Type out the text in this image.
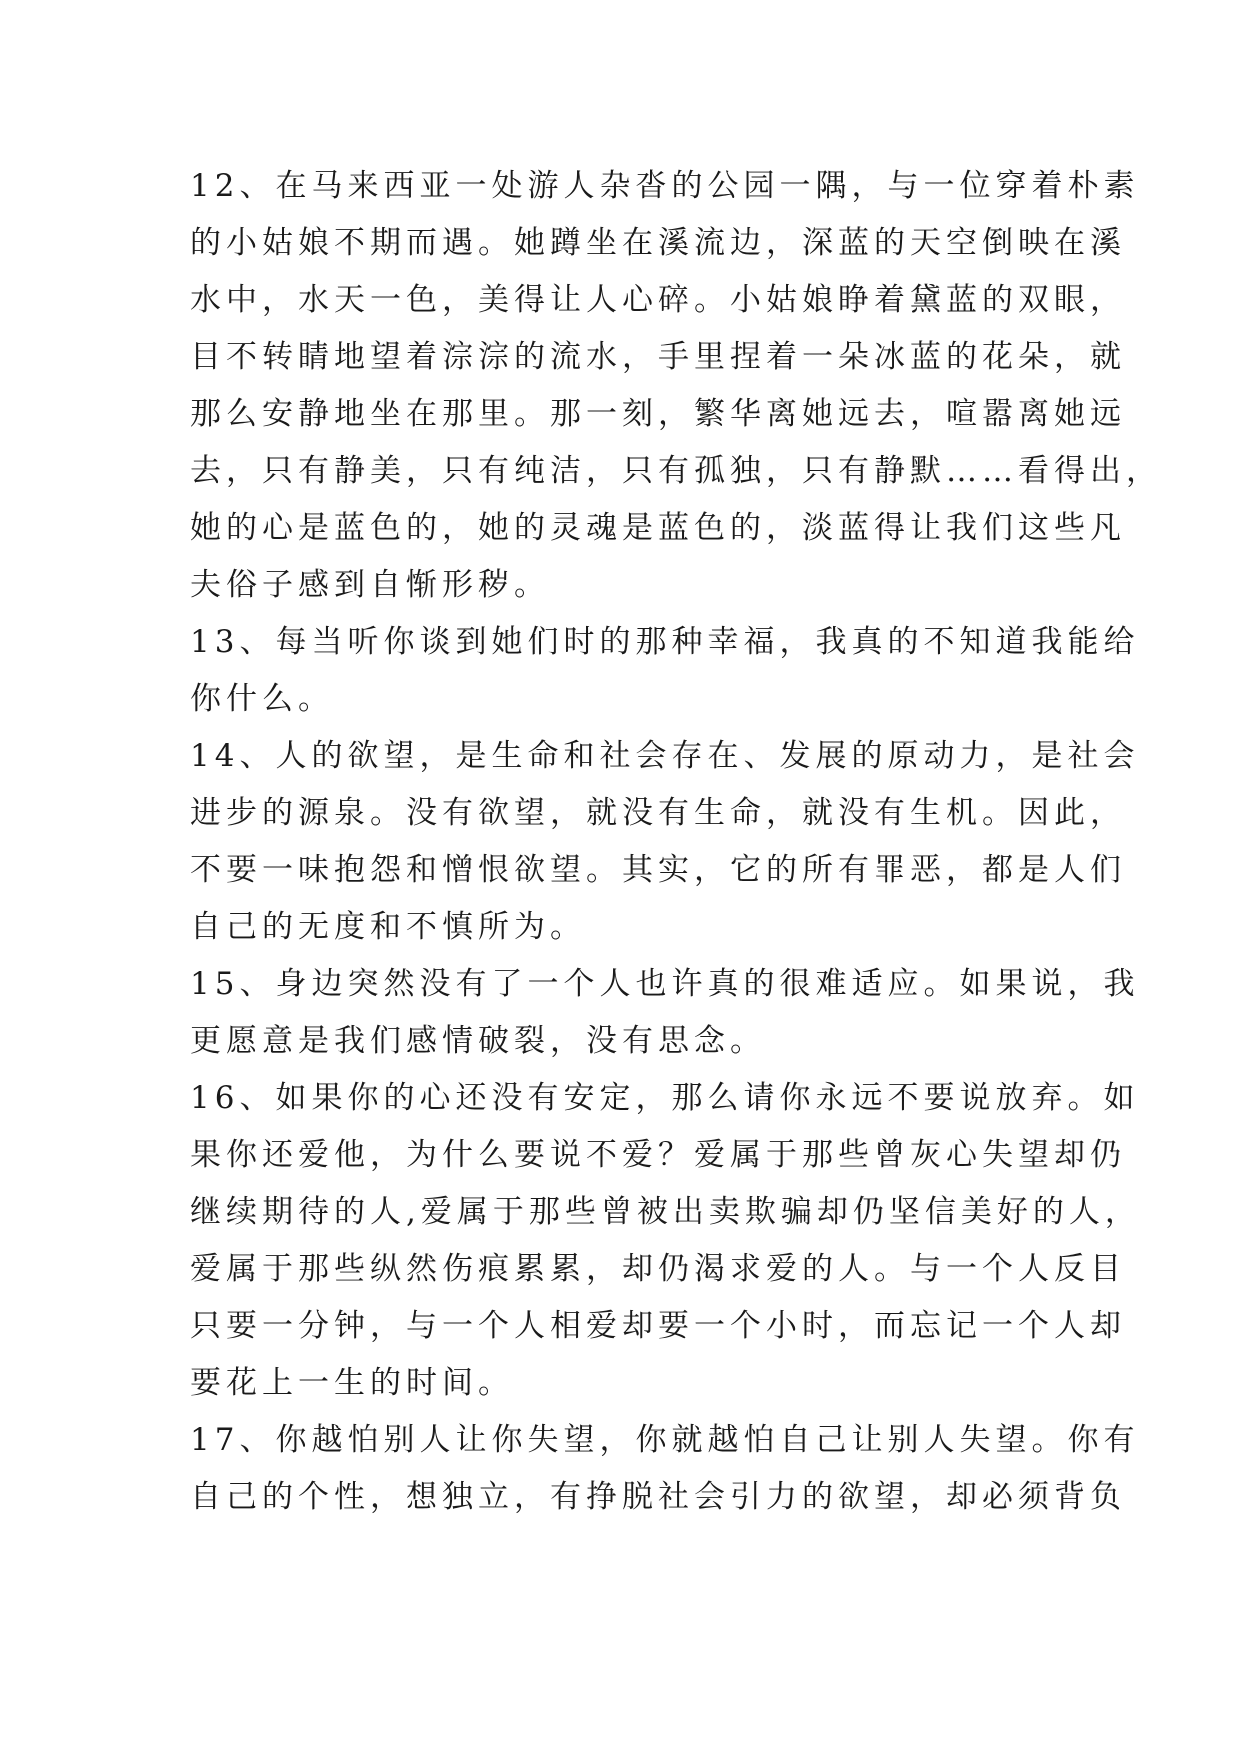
12、在马来西亚一处游人杂沓的公园一隅，与一位穿着朴素
的小姑娘不期而遇。她蹲坐在溪流边，深蓝的天空倒映在溪
水中，水天一色，美得让人心碎。小姑娘睁着黛蓝的双眼，
目不转睛地望着淙淙的流水，手里捏着一朵冰蓝的花朵，就
那么安静地坐在那里。那一刻，繁华离她远去，喧嚣离她远
去，只有静美，只有纯洁，只有孤独，只有静默……看得出，
她的心是蓝色的，她的灵魂是蓝色的，淡蓝得让我们这些凡
夫俗子感到自惭形秽。
13、每当听你谈到她们时的那种幸福，我真的不知道我能给
你什么。
14、人的欲望，是生命和社会存在、发展的原动力，是社会
进步的源泉。没有欲望，就没有生命，就没有生机。因此，
不要一味抱怨和憎恨欲望。其实，它的所有罪恶，都是人们
自己的无度和不慎所为。
15、身边突然没有了一个人也许真的很难适应。如果说，我
更愿意是我们感情破裂，没有思念。
16、如果你的心还没有安定，那么请你永远不要说放弃。如
果你还爱他，为什么要说不爱？爱属于那些曾灰心失望却仍
继续期待的人,爱属于那些曾被出卖欺骗却仍坚信美好的人，
爱属于那些纵然伤痕累累，却仍渴求爱的人。与一个人反目
只要一分钟，与一个人相爱却要一个小时，而忘记一个人却
要花上一生的时间。
17、你越怕别人让你失望，你就越怕自己让别人失望。你有
自己的个性，想独立，有挣脱社会引力的欲望，却必须背负
